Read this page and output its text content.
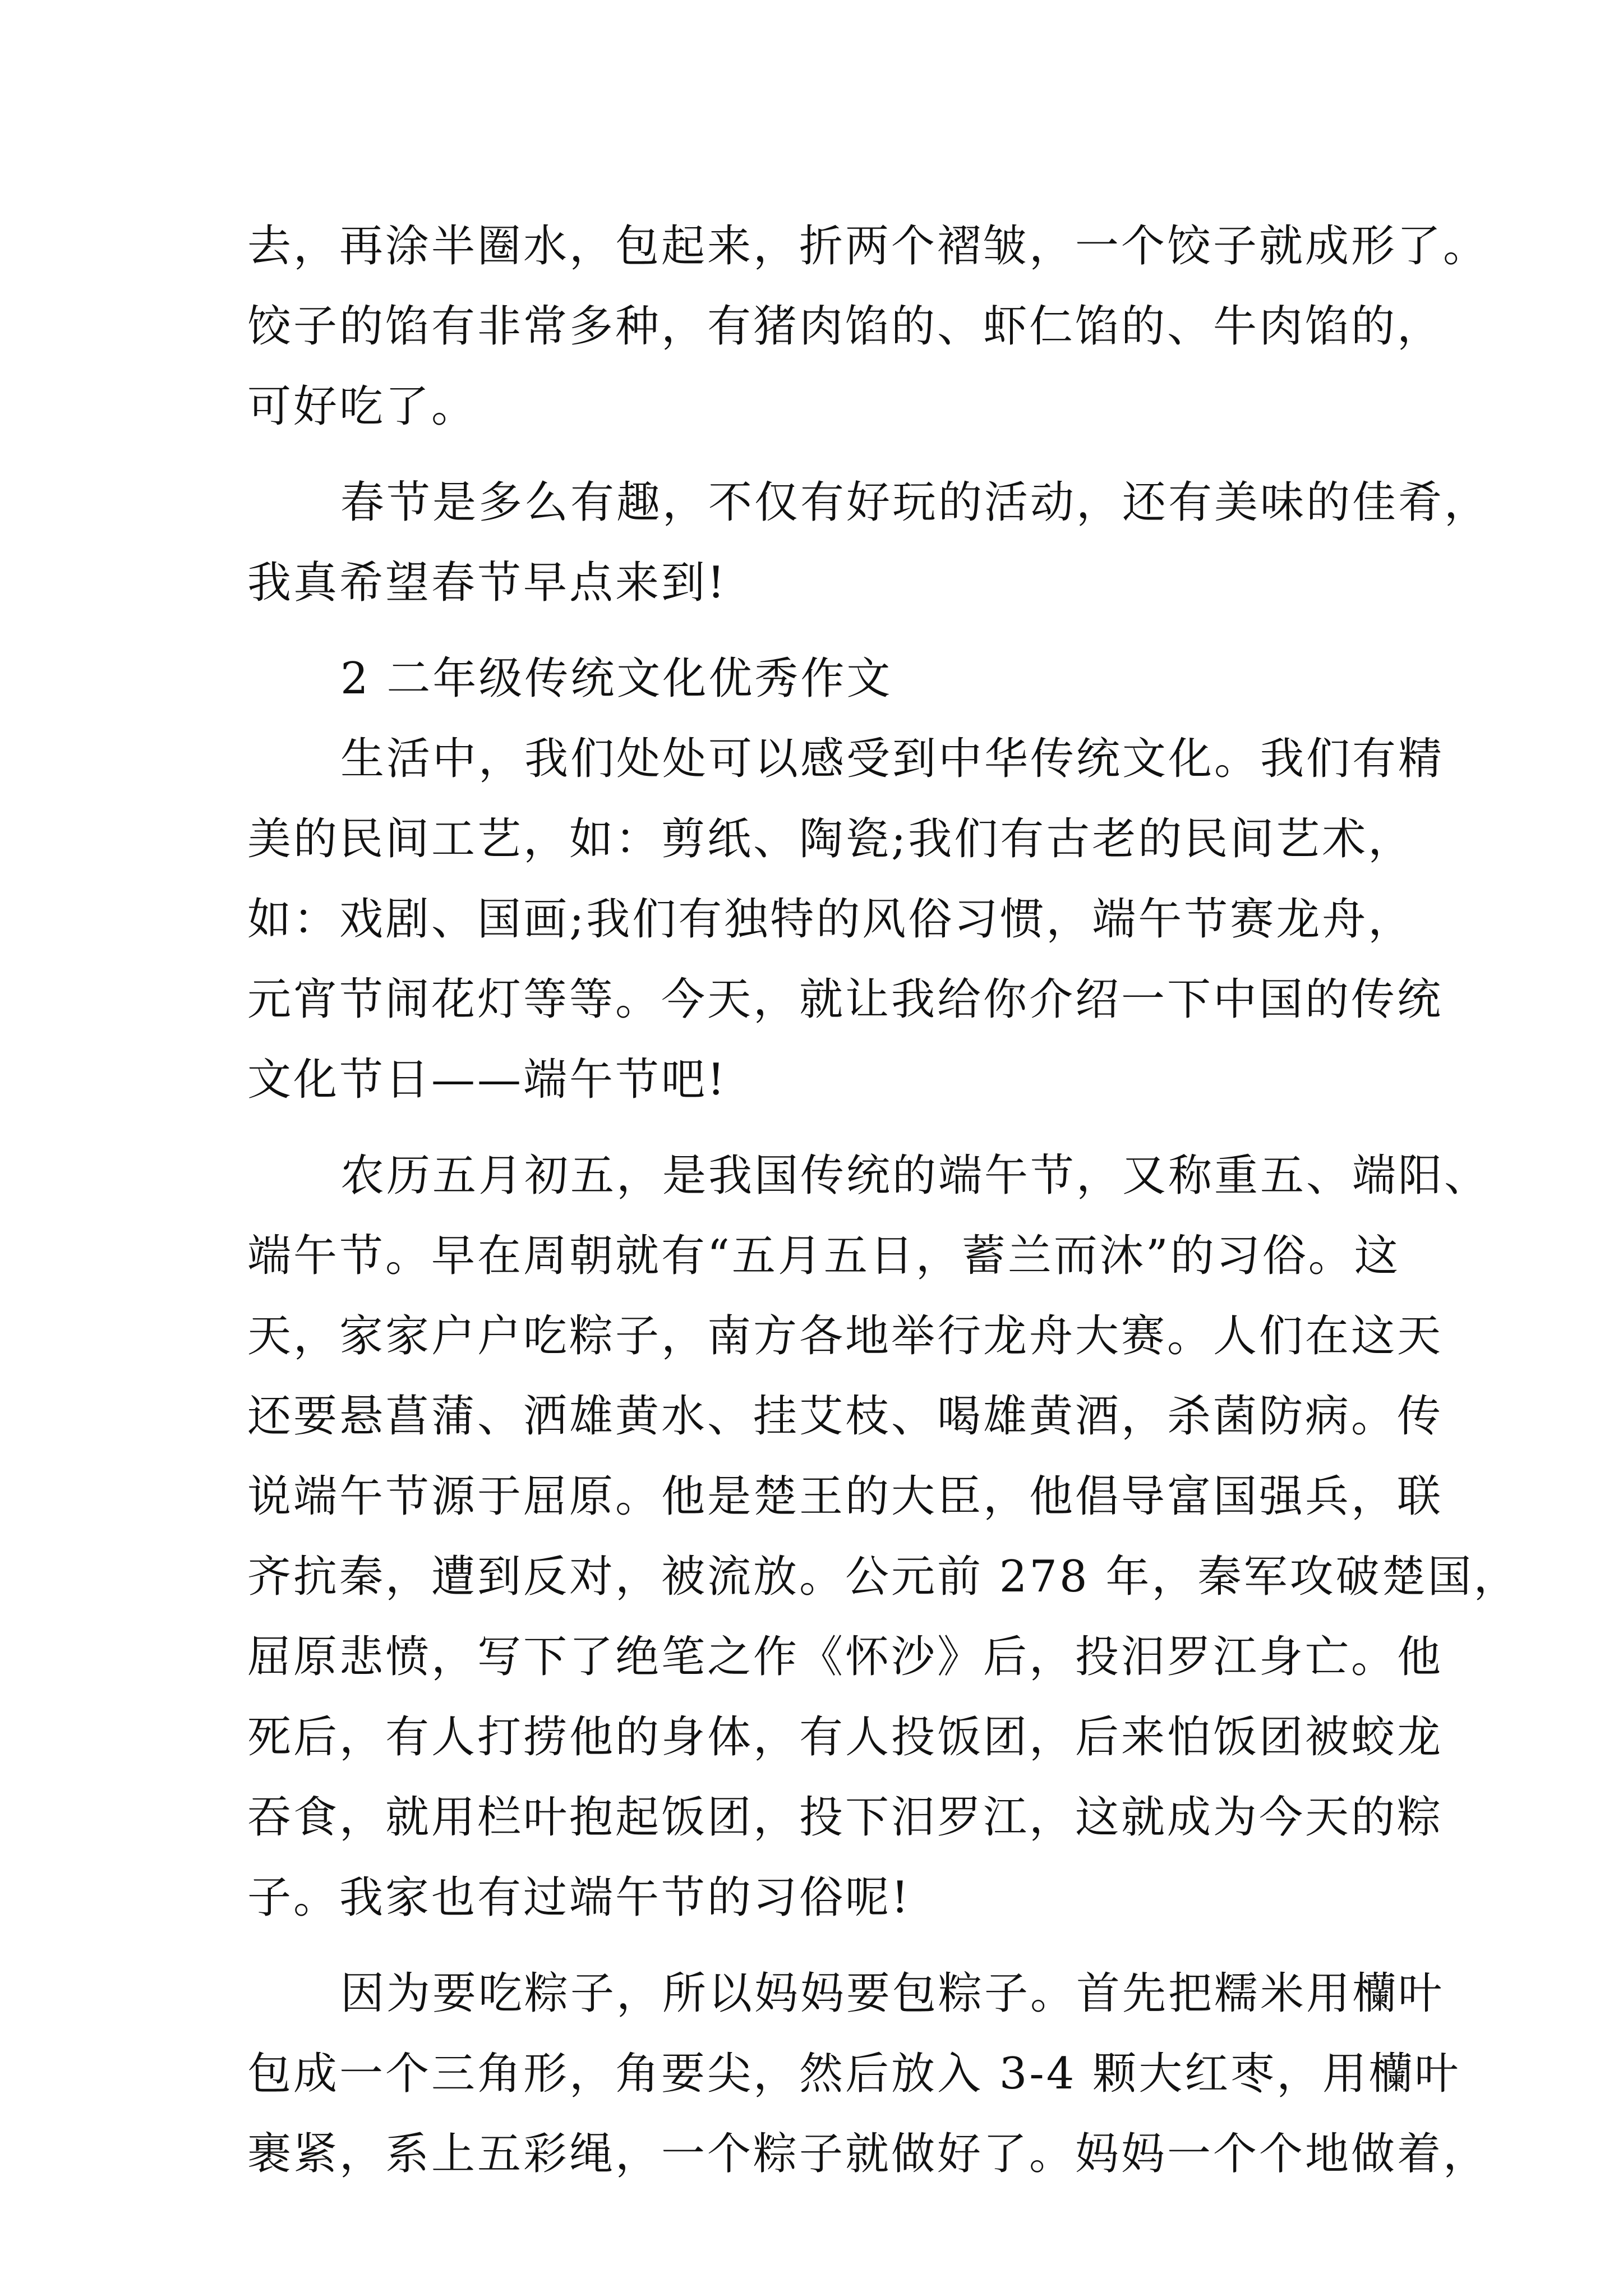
去，再涂半圈水，包起来，折两个褶皱，一个饺子就成形了。
饺子的馅有非常多种，有猪肉馅的、虾仁馅的、牛肉馅的，
可好吃了。
春节是多么有趣，不仅有好玩的活动，还有美味的佳肴，
我真希望春节早点来到!
2 二年级传统文化优秀作文
生活中，我们处处可以感受到中华传统文化。我们有精
美的民间工艺，如：剪纸、陶瓷;我们有古老的民间艺术，
如：戏剧、国画;我们有独特的风俗习惯，端午节赛龙舟，
元宵节闹花灯等等。今天，就让我给你介绍一下中国的传统
文化节日——端午节吧!
农历五月初五，是我国传统的端午节，又称重五、端阳、
端午节。早在周朝就有“五月五日，蓄兰而沐”的习俗。这
天，家家户户吃粽子，南方各地举行龙舟大赛。人们在这天
还要悬菖蒲、洒雄黄水、挂艾枝、喝雄黄酒，杀菌防病。传
说端午节源于屈原。他是楚王的大臣，他倡导富国强兵，联
齐抗秦，遭到反对，被流放。公元前 278 年，秦军攻破楚国，
屈原悲愤，写下了绝笔之作《怀沙》后，投汨罗江身亡。他
死后，有人打捞他的身体，有人投饭团，后来怕饭团被蛟龙
吞食，就用栏叶抱起饭团，投下汨罗江，这就成为今天的粽
子。我家也有过端午节的习俗呢!
因为要吃粽子，所以妈妈要包粽子。首先把糯米用欗叶
包成一个三角形，角要尖，然后放入 3-4 颗大红枣，用欗叶
裹紧，系上五彩绳，一个粽子就做好了。妈妈一个个地做着，
